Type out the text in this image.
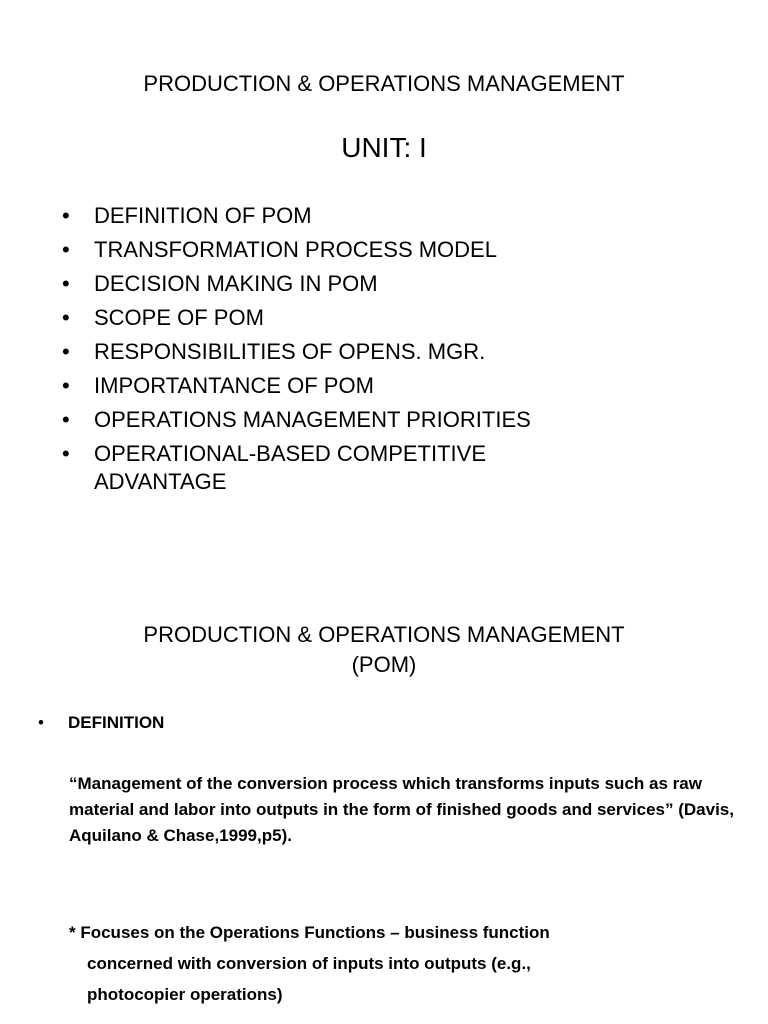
PRODUCTION & OPERATIONS MANAGEMENT
UNIT: I
• DEFINITION OF POM
• TRANSFORMATION PROCESS MODEL
• DECISION MAKING IN POM
• SCOPE OF POM
• RESPONSIBILITIES OF OPENS. MGR.
• IMPORTANTANCE OF POM
• OPERATIONS MANAGEMENT PRIORITIES
• OPERATIONAL-BASED COMPETITIVE ADVANTAGE
PRODUCTION & OPERATIONS MANAGEMENT
(POM)
• DEFINITION

“Management of the conversion process which transforms inputs such as raw material and labor into outputs in the form of finished goods and services” (Davis, Aquilano & Chase,1999,p5).

* Focuses on the Operations Functions – business function
concerned with conversion of inputs into outputs (e.g.,
photocopier operations)
